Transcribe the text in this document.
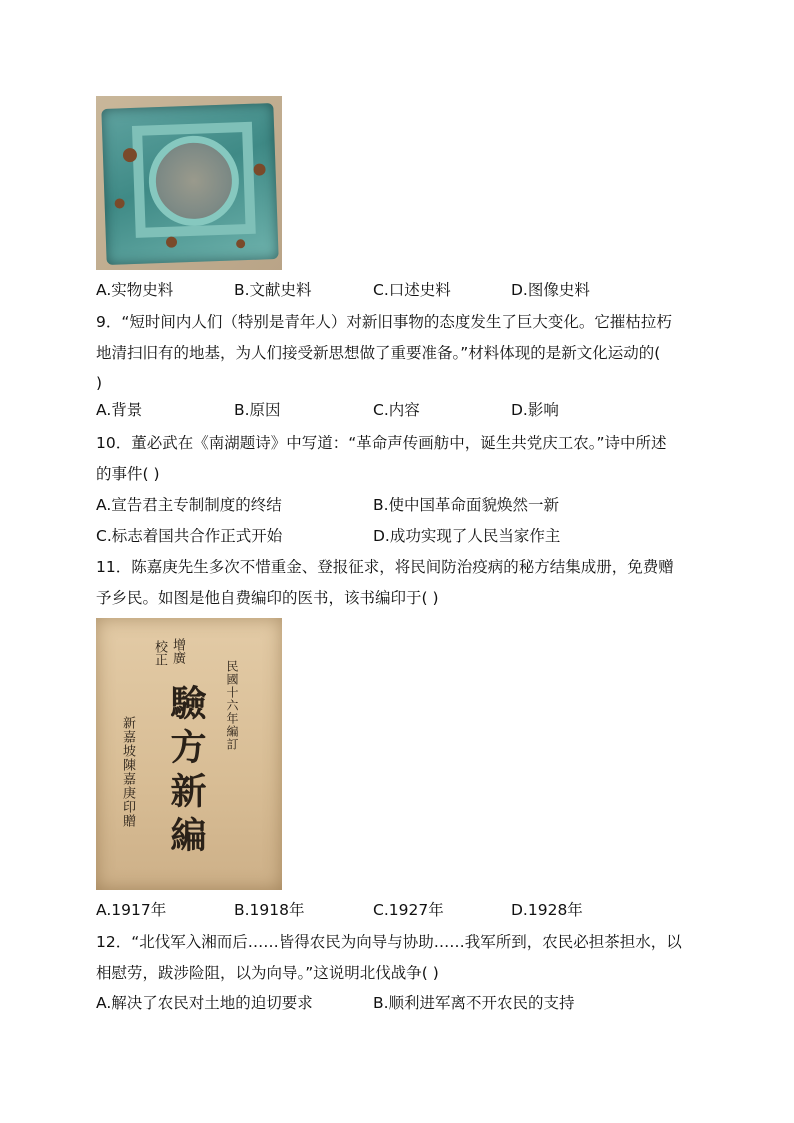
A.实物史料	B.文献史料	C.口述史料	D.图像史料
9．“短时间内人们（特别是青年人）对新旧事物的态度发生了巨大变化。它摧枯拉朽
地清扫旧有的地基，为人们接受新思想做了重要准备。”材料体现的是新文化运动的(
)
A.背景	B.原因	C.内容	D.影响
10．董必武在《南湖题诗》中写道：“革命声传画舫中，诞生共党庆工农。”诗中所述
的事件( )
A.宣告君主专制制度的终结	B.使中国革命面貌焕然一新
C.标志着国共合作正式开始	D.成功实现了人民当家作主
11．陈嘉庚先生多次不惜重金、登报征求，将民间防治疫病的秘方结集成册，免费赠
予乡民。如图是他自费编印的医书，该书编印于( )
增廣
校正
民國十六年編訂
驗方新編
新嘉坡陳嘉庚印贈
A.1917年	B.1918年	C.1927年	D.1928年
12．“北伐军入湘而后……皆得农民为向导与协助……我军所到，农民必担茶担水，以
相慰劳，跋涉险阻，以为向导。”这说明北伐战争( )
A.解决了农民对土地的迫切要求	B.顺利进军离不开农民的支持
